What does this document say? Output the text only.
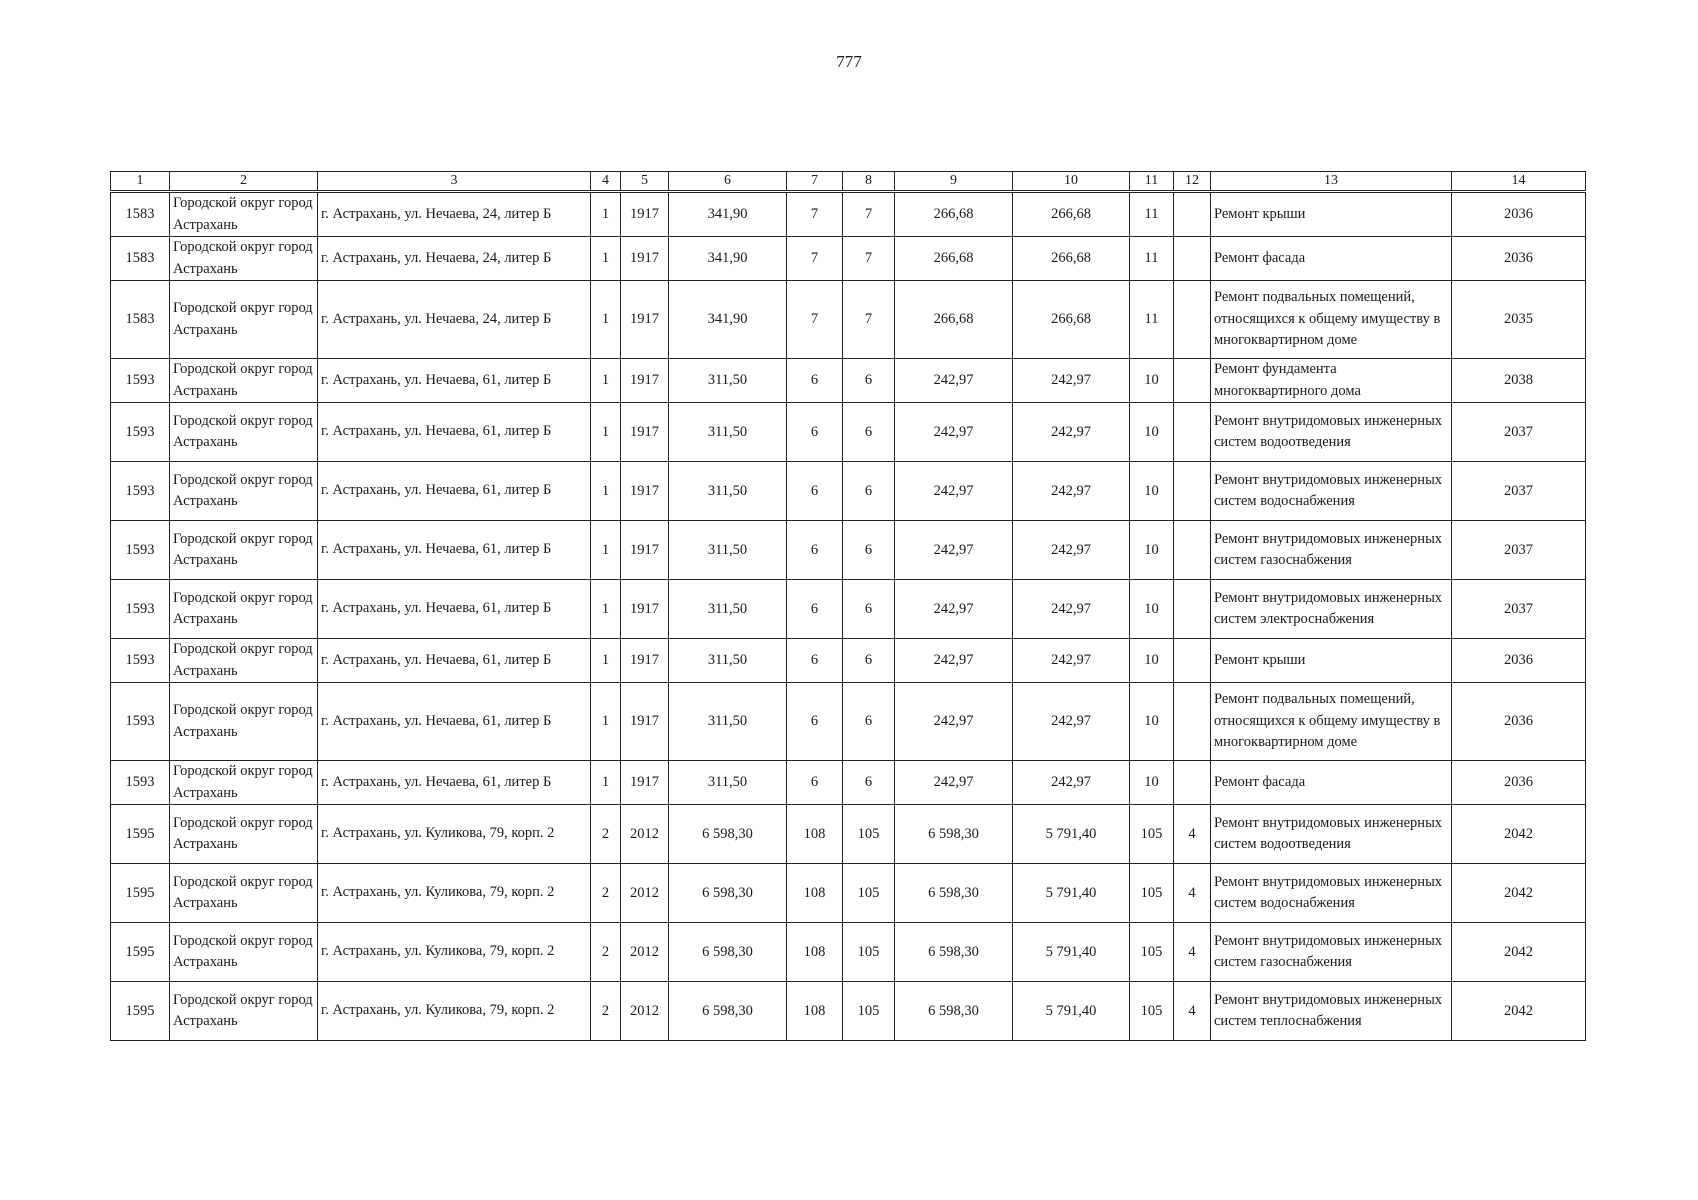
777
1	2	3	4	5	6	7	8	9	10	11	12	13	14
1583	Городской округ город Астрахань	г. Астрахань, ул. Нечаева, 24, литер Б	1	1917	341,90	7	7	266,68	266,68	11		Ремонт крыши	2036
1583	Городской округ город Астрахань	г. Астрахань, ул. Нечаева, 24, литер Б	1	1917	341,90	7	7	266,68	266,68	11		Ремонт фасада	2036
1583	Городской округ город Астрахань	г. Астрахань, ул. Нечаева, 24, литер Б	1	1917	341,90	7	7	266,68	266,68	11		Ремонт подвальных помещений, относящихся к общему имуществу в многоквартирном доме	2035
1593	Городской округ город Астрахань	г. Астрахань, ул. Нечаева, 61, литер Б	1	1917	311,50	6	6	242,97	242,97	10		Ремонт фундамента многоквартирного дома	2038
1593	Городской округ город Астрахань	г. Астрахань, ул. Нечаева, 61, литер Б	1	1917	311,50	6	6	242,97	242,97	10		Ремонт внутридомовых инженерных систем водоотведения	2037
1593	Городской округ город Астрахань	г. Астрахань, ул. Нечаева, 61, литер Б	1	1917	311,50	6	6	242,97	242,97	10		Ремонт внутридомовых инженерных систем водоснабжения	2037
1593	Городской округ город Астрахань	г. Астрахань, ул. Нечаева, 61, литер Б	1	1917	311,50	6	6	242,97	242,97	10		Ремонт внутридомовых инженерных систем газоснабжения	2037
1593	Городской округ город Астрахань	г. Астрахань, ул. Нечаева, 61, литер Б	1	1917	311,50	6	6	242,97	242,97	10		Ремонт внутридомовых инженерных систем электроснабжения	2037
1593	Городской округ город Астрахань	г. Астрахань, ул. Нечаева, 61, литер Б	1	1917	311,50	6	6	242,97	242,97	10		Ремонт крыши	2036
1593	Городской округ город Астрахань	г. Астрахань, ул. Нечаева, 61, литер Б	1	1917	311,50	6	6	242,97	242,97	10		Ремонт подвальных помещений, относящихся к общему имуществу в многоквартирном доме	2036
1593	Городской округ город Астрахань	г. Астрахань, ул. Нечаева, 61, литер Б	1	1917	311,50	6	6	242,97	242,97	10		Ремонт фасада	2036
1595	Городской округ город Астрахань	г. Астрахань, ул. Куликова, 79, корп. 2	2	2012	6 598,30	108	105	6 598,30	5 791,40	105	4	Ремонт внутридомовых инженерных систем водоотведения	2042
1595	Городской округ город Астрахань	г. Астрахань, ул. Куликова, 79, корп. 2	2	2012	6 598,30	108	105	6 598,30	5 791,40	105	4	Ремонт внутридомовых инженерных систем водоснабжения	2042
1595	Городской округ город Астрахань	г. Астрахань, ул. Куликова, 79, корп. 2	2	2012	6 598,30	108	105	6 598,30	5 791,40	105	4	Ремонт внутридомовых инженерных систем газоснабжения	2042
1595	Городской округ город Астрахань	г. Астрахань, ул. Куликова, 79, корп. 2	2	2012	6 598,30	108	105	6 598,30	5 791,40	105	4	Ремонт внутридомовых инженерных систем теплоснабжения	2042
